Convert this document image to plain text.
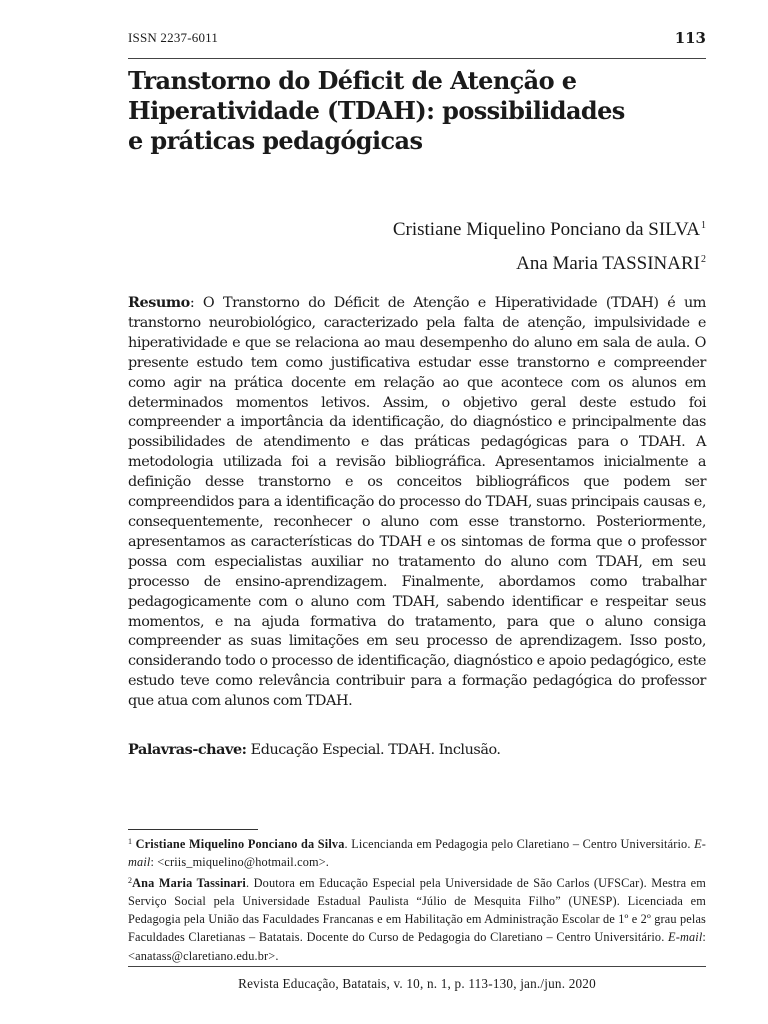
ISSN 2237-6011	113
Transtorno do Déficit de Atenção e
Hiperatividade (TDAH): possibilidades
e práticas pedagógicas
Cristiane Miquelino Ponciano da SILVA$^1$
Ana Maria TASSINARI$^2$

Resumo: O Transtorno do Déficit de Atenção e Hiperatividade (TDAH) é um transtorno neurobiológico, caracterizado pela falta de atenção, impulsividade e hiperatividade e que se relaciona ao mau desempenho do aluno em sala de aula. O presente estudo tem como justificativa estudar esse transtorno e compreender como agir na prática docente em relação ao que acontece com os alunos em determinados momentos letivos. Assim, o objetivo geral deste estudo foi compreender a importância da identificação, do diagnóstico e principalmente das possibilidades de atendimento e das práticas pedagógicas para o TDAH. A metodologia utilizada foi a revisão bibliográfica. Apresentamos inicialmente a definição desse transtorno e os conceitos bibliográficos que podem ser compreendidos para a identificação do processo do TDAH, suas principais causas e, consequentemente, reconhecer o aluno com esse transtorno. Posteriormente, apresentamos as características do TDAH e os sintomas de forma que o professor possa com especialistas auxiliar no tratamento do aluno com TDAH, em seu processo de ensino-aprendizagem. Finalmente, abordamos como trabalhar pedagogicamente com o aluno com TDAH, sabendo identificar e respeitar seus momentos, e na ajuda formativa do tratamento, para que o aluno consiga compreender as suas limitações em seu processo de aprendizagem. Isso posto, considerando todo o processo de identificação, diagnóstico e apoio pedagógico, este estudo teve como relevância contribuir para a formação pedagógica do professor que atua com alunos com TDAH.

Palavras-chave: Educação Especial. TDAH. Inclusão.

$^1$ Cristiane Miquelino Ponciano da Silva. Licencianda em Pedagogia pelo Claretiano – Centro Universitário. E-mail: <criis_miquelino@hotmail.com>.

$^2$Ana Maria Tassinari. Doutora em Educação Especial pela Universidade de São Carlos (UFSCar). Mestra em Serviço Social pela Universidade Estadual Paulista “Júlio de Mesquita Filho” (UNESP). Licenciada em Pedagogia pela União das Faculdades Francanas e em Habilitação em Administração Escolar de 1º e 2º grau pelas Faculdades Claretianas – Batatais. Docente do Curso de Pedagogia do Claretiano – Centro Universitário. E-mail: <anatass@claretiano.edu.br>.

Revista Educação, Batatais, v. 10, n. 1, p. 113-130, jan./jun. 2020
